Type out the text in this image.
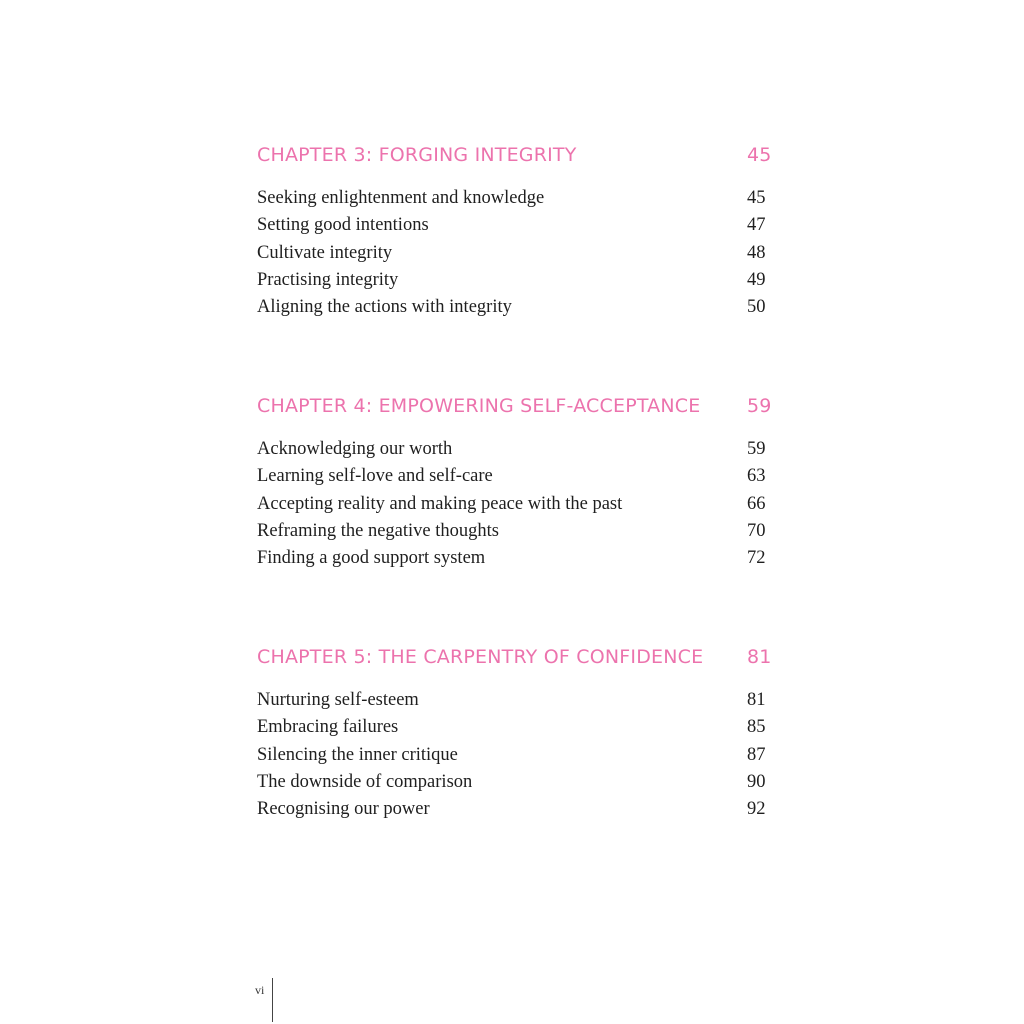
CHAPTER 3: FORGING INTEGRITY	45
Seeking enlightenment and knowledge	45
Setting good intentions	47
Cultivate integrity	48
Practising integrity	49
Aligning the actions with integrity	50
CHAPTER 4: EMPOWERING SELF-ACCEPTANCE 59
Acknowledging our worth	59
Learning self-love and self-care	63
Accepting reality and making peace with the past	66
Reframing the negative thoughts	70
Finding a good support system	72
CHAPTER 5: THE CARPENTRY OF CONFIDENCE 81
Nurturing self-esteem	81
Embracing failures	85
Silencing the inner critique	87
The downside of comparison	90
Recognising our power	92
vi
